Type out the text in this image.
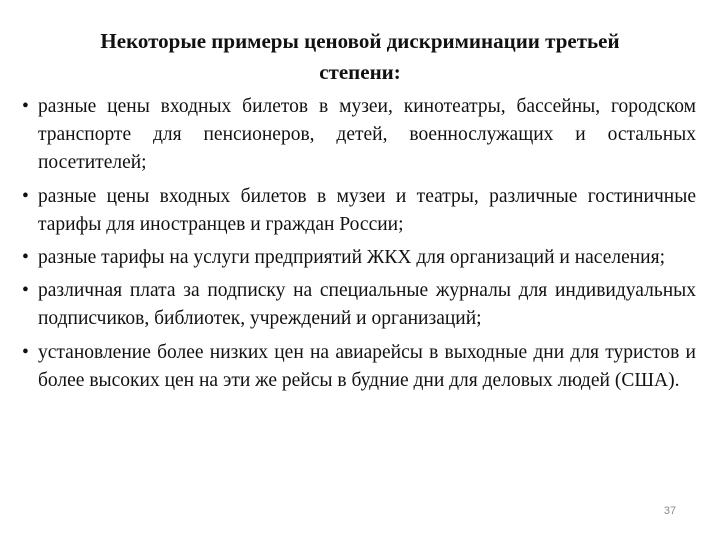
Некоторые примеры ценовой дискриминации третьей степени:
• разные цены входных билетов в музеи, кинотеатры, бассейны, городском транспорте для пенсионеров, детей, военнослужащих и остальных посетителей;
• разные цены входных билетов в музеи и театры, различные гостиничные тарифы для иностранцев и граждан России;
• разные тарифы на услуги предприятий ЖКХ для организаций и населения;
• различная плата за подписку на специальные журналы для индивидуальных подписчиков, библиотек, учреждений и организаций;
• установление более низких цен на авиарейсы в выходные дни для туристов и более высоких цен на эти же рейсы в будние дни для деловых людей (США).
37
